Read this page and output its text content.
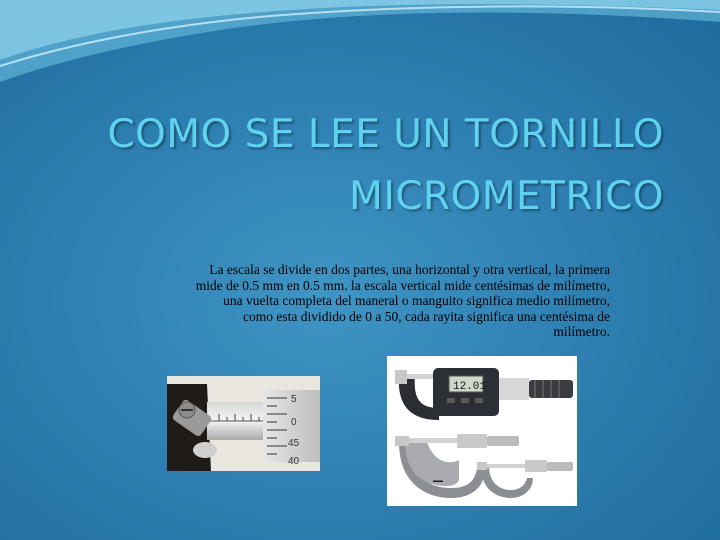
COMO SE LEE UN TORNILLO
MICROMETRICO
La escala se divide en dos partes, una horizontal y otra vertical, la primera
mide de 0.5 mm en 0.5 mm. la escala vertical mide centésimas de milímetro,
una vuelta completa del maneral o manguito significa medio milímetro,
como esta dividido de 0 a 50, cada rayita significa una centésima de
milímetro.
5
0
45
40
12.01
▬▬
